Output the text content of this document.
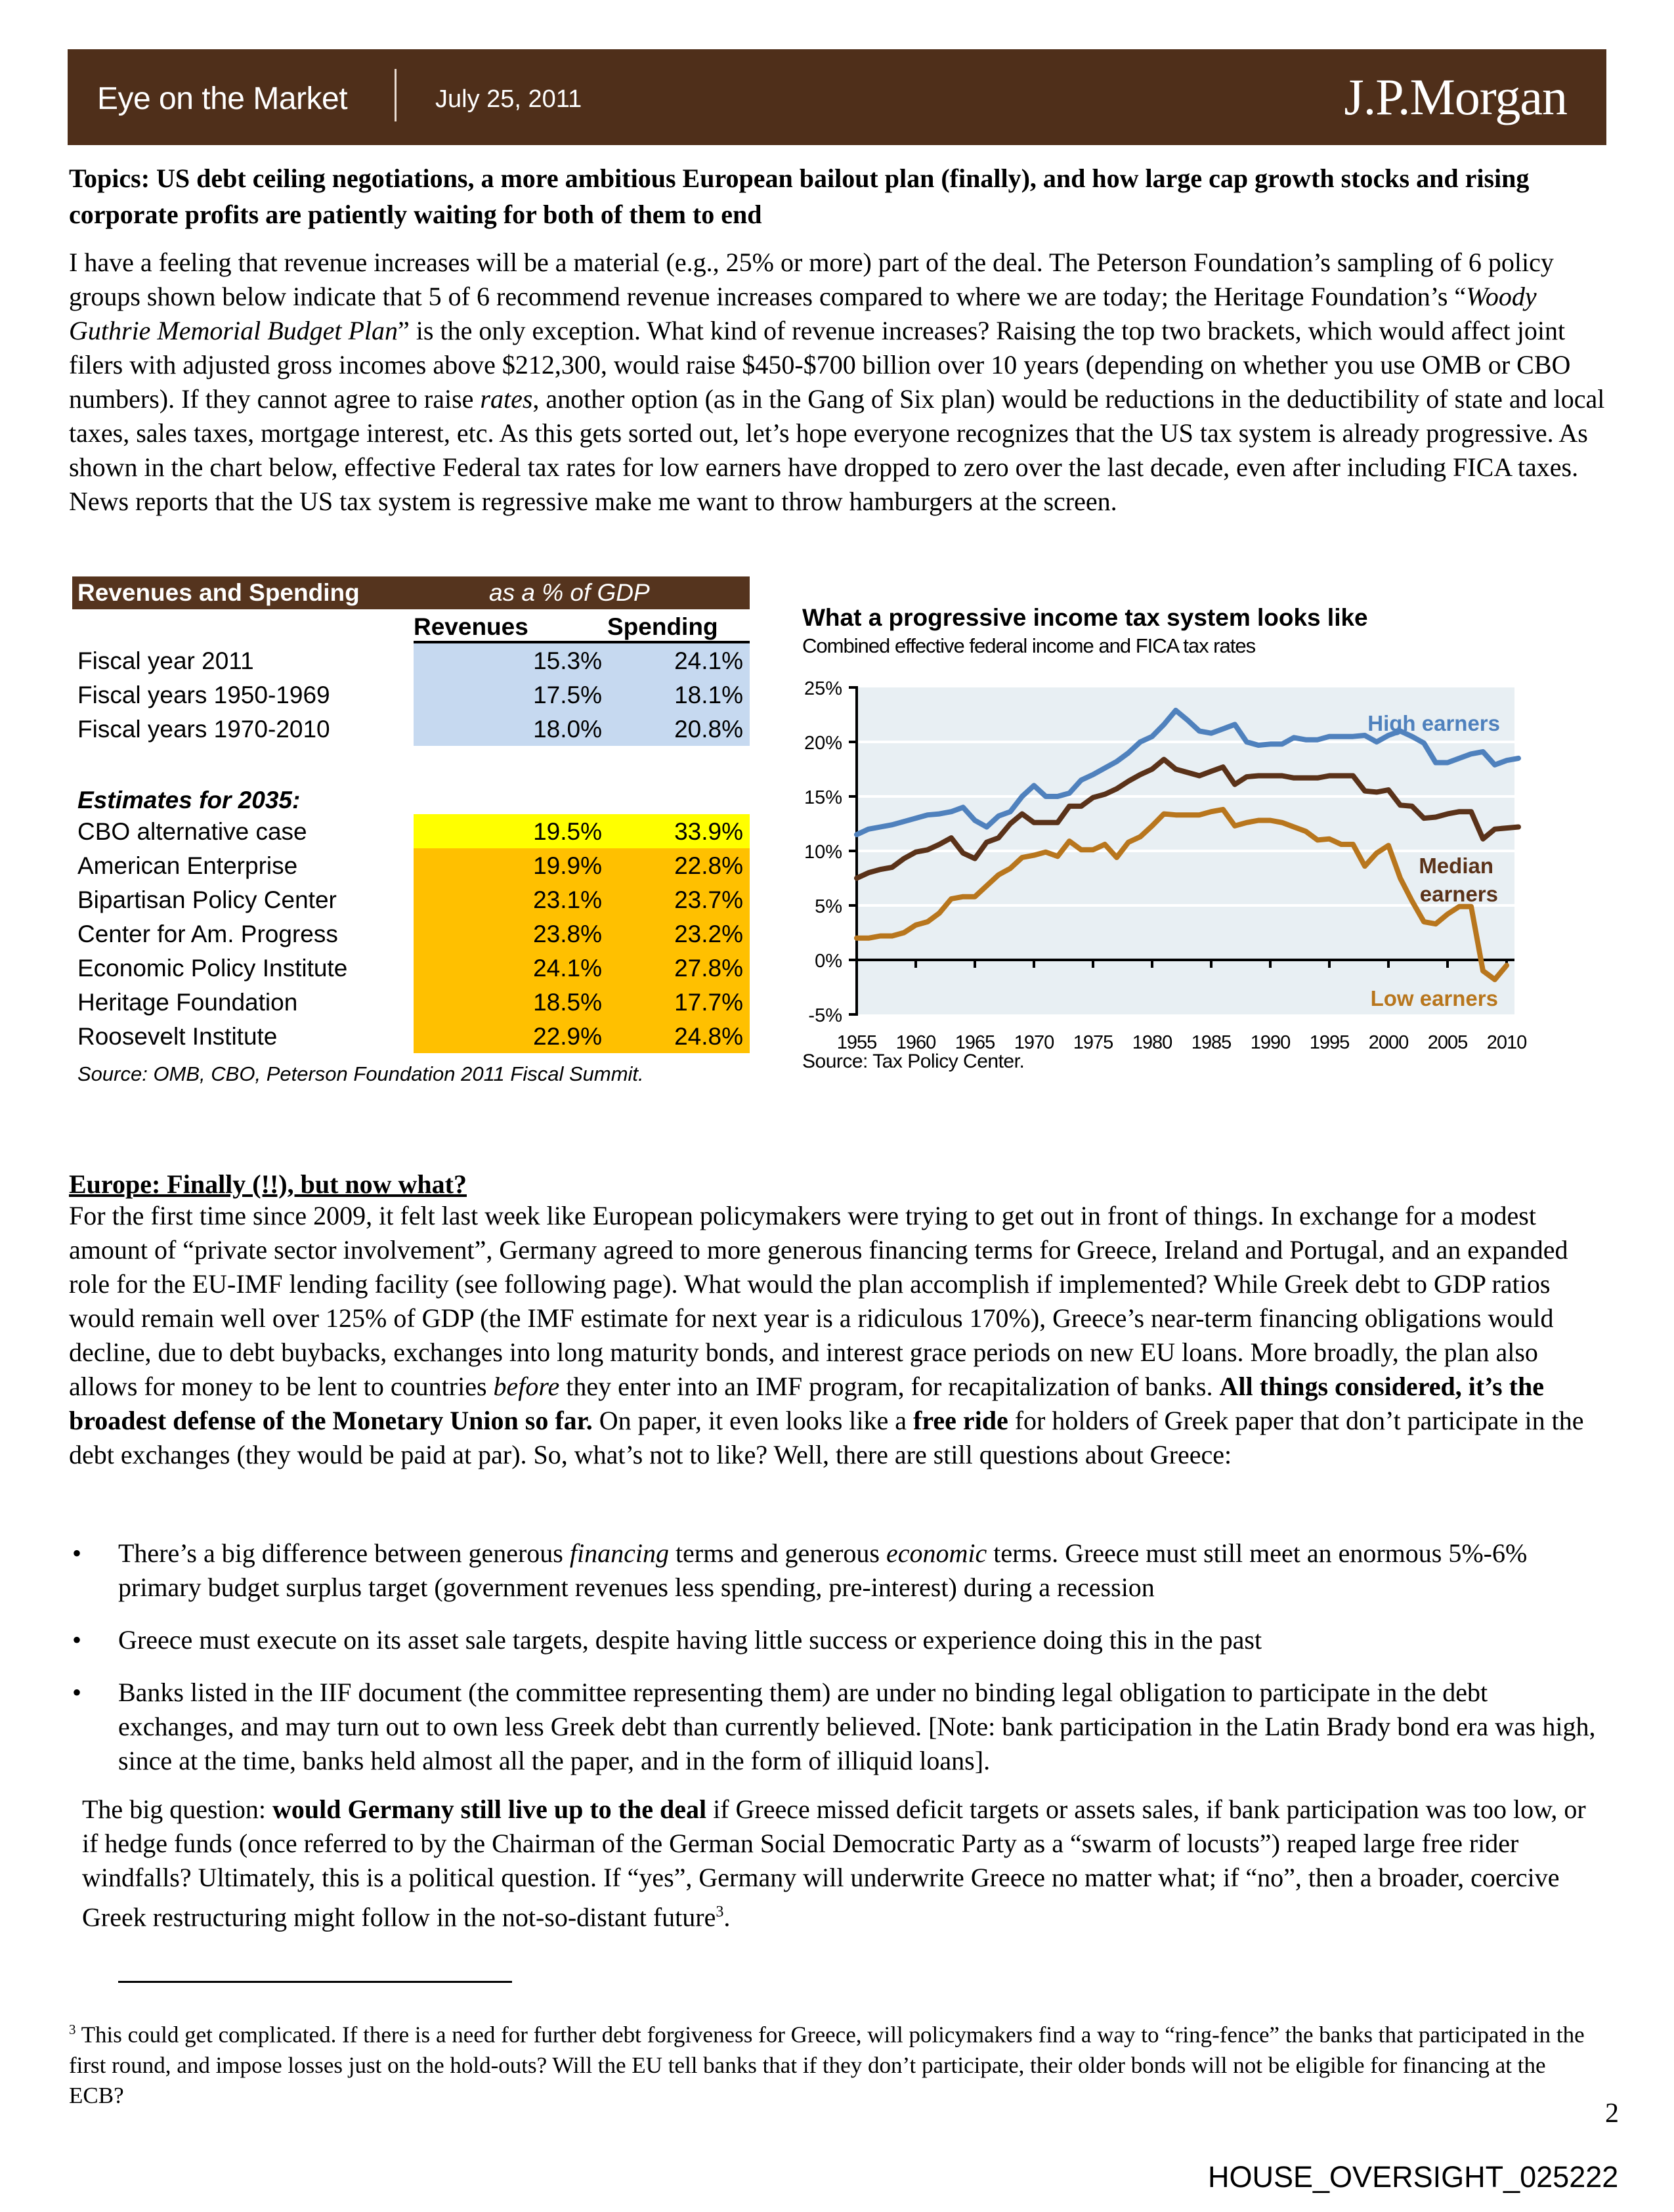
Eye on the Market	July 25, 2011	J.P.Morgan
Topics: US debt ceiling negotiations, a more ambitious European bailout plan (finally), and how large cap growth stocks and rising corporate profits are patiently waiting for both of them to end
I have a feeling that revenue increases will be a material (e.g., 25% or more) part of the deal. The Peterson Foundation’s sampling of 6 policy groups shown below indicate that 5 of 6 recommend revenue increases compared to where we are today; the Heritage Foundation’s “Woody Guthrie Memorial Budget Plan” is the only exception. What kind of revenue increases? Raising the top two brackets, which would affect joint filers with adjusted gross incomes above $212,300, would raise $450-$700 billion over 10 years (depending on whether you use OMB or CBO numbers). If they cannot agree to raise rates, another option (as in the Gang of Six plan) would be reductions in the deductibility of state and local taxes, sales taxes, mortgage interest, etc. As this gets sorted out, let’s hope everyone recognizes that the US tax system is already progressive. As shown in the chart below, effective Federal tax rates for low earners have dropped to zero over the last decade, even after including FICA taxes. News reports that the US tax system is regressive make me want to throw hamburgers at the screen.
Revenues and Spending	as a % of GDP
Revenues	Spending
Fiscal year 2011	15.3%	24.1%
Fiscal years 1950-1969	17.5%	18.1%
Fiscal years 1970-2010	18.0%	20.8%
Estimates for 2035:
CBO alternative case	19.5%	33.9%
American Enterprise	19.9%	22.8%
Bipartisan Policy Center	23.1%	23.7%
Center for Am. Progress	23.8%	23.2%
Economic Policy Institute	24.1%	27.8%
Heritage Foundation	18.5%	17.7%
Roosevelt Institute	22.9%	24.8%
Source: OMB, CBO, Peterson Foundation 2011 Fiscal Summit.
What a progressive income tax system looks like
Combined effective federal income and FICA tax rates
25%
20%
15%
10%
5%
0%
-5%
1955 1960 1965 1970 1975 1980 1985 1990 1995 2000 2005 2010
High earners
Median
earners
Low earners
Source: Tax Policy Center.
Europe: Finally (!!), but now what?
For the first time since 2009, it felt last week like European policymakers were trying to get out in front of things. In exchange for a modest amount of “private sector involvement”, Germany agreed to more generous financing terms for Greece, Ireland and Portugal, and an expanded role for the EU-IMF lending facility (see following page). What would the plan accomplish if implemented? While Greek debt to GDP ratios would remain well over 125% of GDP (the IMF estimate for next year is a ridiculous 170%), Greece’s near-term financing obligations would decline, due to debt buybacks, exchanges into long maturity bonds, and interest grace periods on new EU loans. More broadly, the plan also allows for money to be lent to countries before they enter into an IMF program, for recapitalization of banks. All things considered, it’s the broadest defense of the Monetary Union so far. On paper, it even looks like a free ride for holders of Greek paper that don’t participate in the debt exchanges (they would be paid at par). So, what’s not to like? Well, there are still questions about Greece:
• There’s a big difference between generous financing terms and generous economic terms. Greece must still meet an enormous 5%-6% primary budget surplus target (government revenues less spending, pre-interest) during a recession
• Greece must execute on its asset sale targets, despite having little success or experience doing this in the past
• Banks listed in the IIF document (the committee representing them) are under no binding legal obligation to participate in the debt exchanges, and may turn out to own less Greek debt than currently believed. [Note: bank participation in the Latin Brady bond era was high, since at the time, banks held almost all the paper, and in the form of illiquid loans].
The big question: would Germany still live up to the deal if Greece missed deficit targets or assets sales, if bank participation was too low, or if hedge funds (once referred to by the Chairman of the German Social Democratic Party as a “swarm of locusts”) reaped large free rider windfalls? Ultimately, this is a political question. If “yes”, Germany will underwrite Greece no matter what; if “no”, then a broader, coercive Greek restructuring might follow in the not-so-distant future$^3$.
$^3$ This could get complicated. If there is a need for further debt forgiveness for Greece, will policymakers find a way to “ring-fence” the banks that participated in the first round, and impose losses just on the hold-outs? Will the EU tell banks that if they don’t participate, their older bonds will not be eligible for financing at the ECB?
2
HOUSE_OVERSIGHT_025222
